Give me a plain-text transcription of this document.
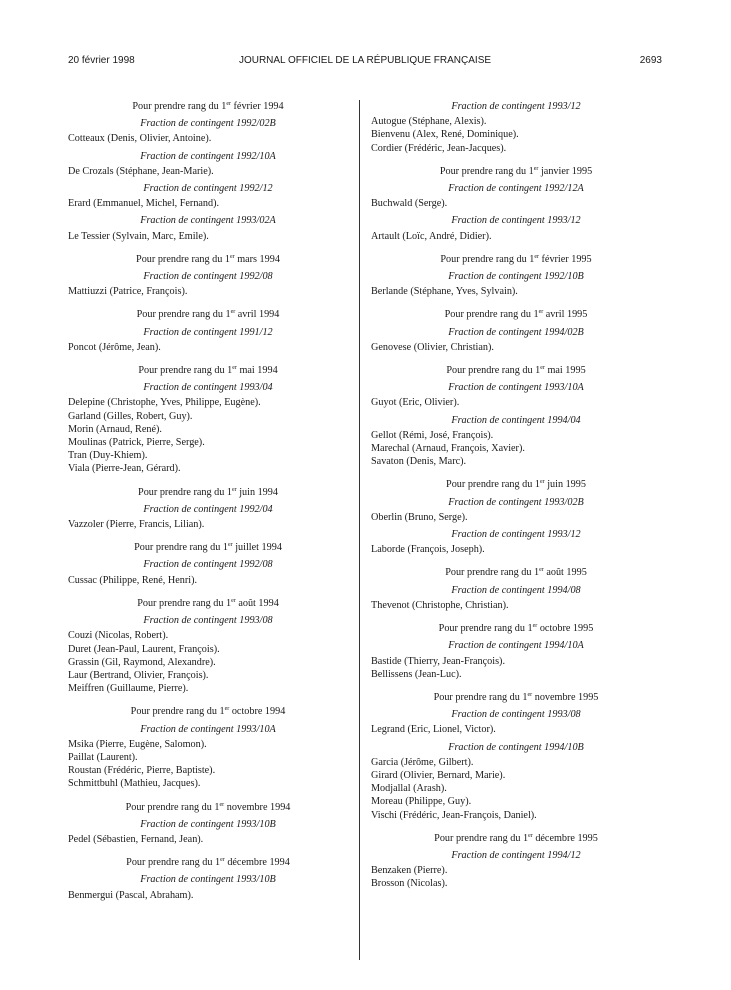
20 février 1998	JOURNAL OFFICIEL DE LA RÉPUBLIQUE FRANÇAISE	2693
Pour prendre rang du 1er février 1994
Fraction de contingent 1992/02B
Cotteaux (Denis, Olivier, Antoine).
Fraction de contingent 1992/10A
De Crozals (Stéphane, Jean-Marie).
Fraction de contingent 1992/12
Erard (Emmanuel, Michel, Fernand).
Fraction de contingent 1993/02A
Le Tessier (Sylvain, Marc, Emile).
Pour prendre rang du 1er mars 1994
Fraction de contingent 1992/08
Mattiuzzi (Patrice, François).
Pour prendre rang du 1er avril 1994
Fraction de contingent 1991/12
Poncot (Jérôme, Jean).
Pour prendre rang du 1er mai 1994
Fraction de contingent 1993/04
Delepine (Christophe, Yves, Philippe, Eugène).
Garland (Gilles, Robert, Guy).
Morin (Arnaud, René).
Moulinas (Patrick, Pierre, Serge).
Tran (Duy-Khiem).
Viala (Pierre-Jean, Gérard).
Pour prendre rang du 1er juin 1994
Fraction de contingent 1992/04
Vazzoler (Pierre, Francis, Lilian).
Pour prendre rang du 1er juillet 1994
Fraction de contingent 1992/08
Cussac (Philippe, René, Henri).
Pour prendre rang du 1er août 1994
Fraction de contingent 1993/08
Couzi (Nicolas, Robert).
Duret (Jean-Paul, Laurent, François).
Grassin (Gil, Raymond, Alexandre).
Laur (Bertrand, Olivier, François).
Meiffren (Guillaume, Pierre).
Pour prendre rang du 1er octobre 1994
Fraction de contingent 1993/10A
Msika (Pierre, Eugène, Salomon).
Paillat (Laurent).
Roustan (Frédéric, Pierre, Baptiste).
Schmittbuhl (Mathieu, Jacques).
Pour prendre rang du 1er novembre 1994
Fraction de contingent 1993/10B
Pedel (Sébastien, Fernand, Jean).
Pour prendre rang du 1er décembre 1994
Fraction de contingent 1993/10B
Benmergui (Pascal, Abraham).
Fraction de contingent 1993/12
Autogue (Stéphane, Alexis).
Bienvenu (Alex, René, Dominique).
Cordier (Frédéric, Jean-Jacques).
Pour prendre rang du 1er janvier 1995
Fraction de contingent 1992/12A
Buchwald (Serge).
Fraction de contingent 1993/12
Artault (Loïc, André, Didier).
Pour prendre rang du 1er février 1995
Fraction de contingent 1992/10B
Berlande (Stéphane, Yves, Sylvain).
Pour prendre rang du 1er avril 1995
Fraction de contingent 1994/02B
Genovese (Olivier, Christian).
Pour prendre rang du 1er mai 1995
Fraction de contingent 1993/10A
Guyot (Eric, Olivier).
Fraction de contingent 1994/04
Gellot (Rémi, José, François).
Marechal (Arnaud, François, Xavier).
Savaton (Denis, Marc).
Pour prendre rang du 1er juin 1995
Fraction de contingent 1993/02B
Oberlin (Bruno, Serge).
Fraction de contingent 1993/12
Laborde (François, Joseph).
Pour prendre rang du 1er août 1995
Fraction de contingent 1994/08
Thevenot (Christophe, Christian).
Pour prendre rang du 1er octobre 1995
Fraction de contingent 1994/10A
Bastide (Thierry, Jean-François).
Bellissens (Jean-Luc).
Pour prendre rang du 1er novembre 1995
Fraction de contingent 1993/08
Legrand (Eric, Lionel, Victor).
Fraction de contingent 1994/10B
Garcia (Jérôme, Gilbert).
Girard (Olivier, Bernard, Marie).
Modjallal (Arash).
Moreau (Philippe, Guy).
Vischi (Frédéric, Jean-François, Daniel).
Pour prendre rang du 1er décembre 1995
Fraction de contingent 1994/12
Benzaken (Pierre).
Brosson (Nicolas).
